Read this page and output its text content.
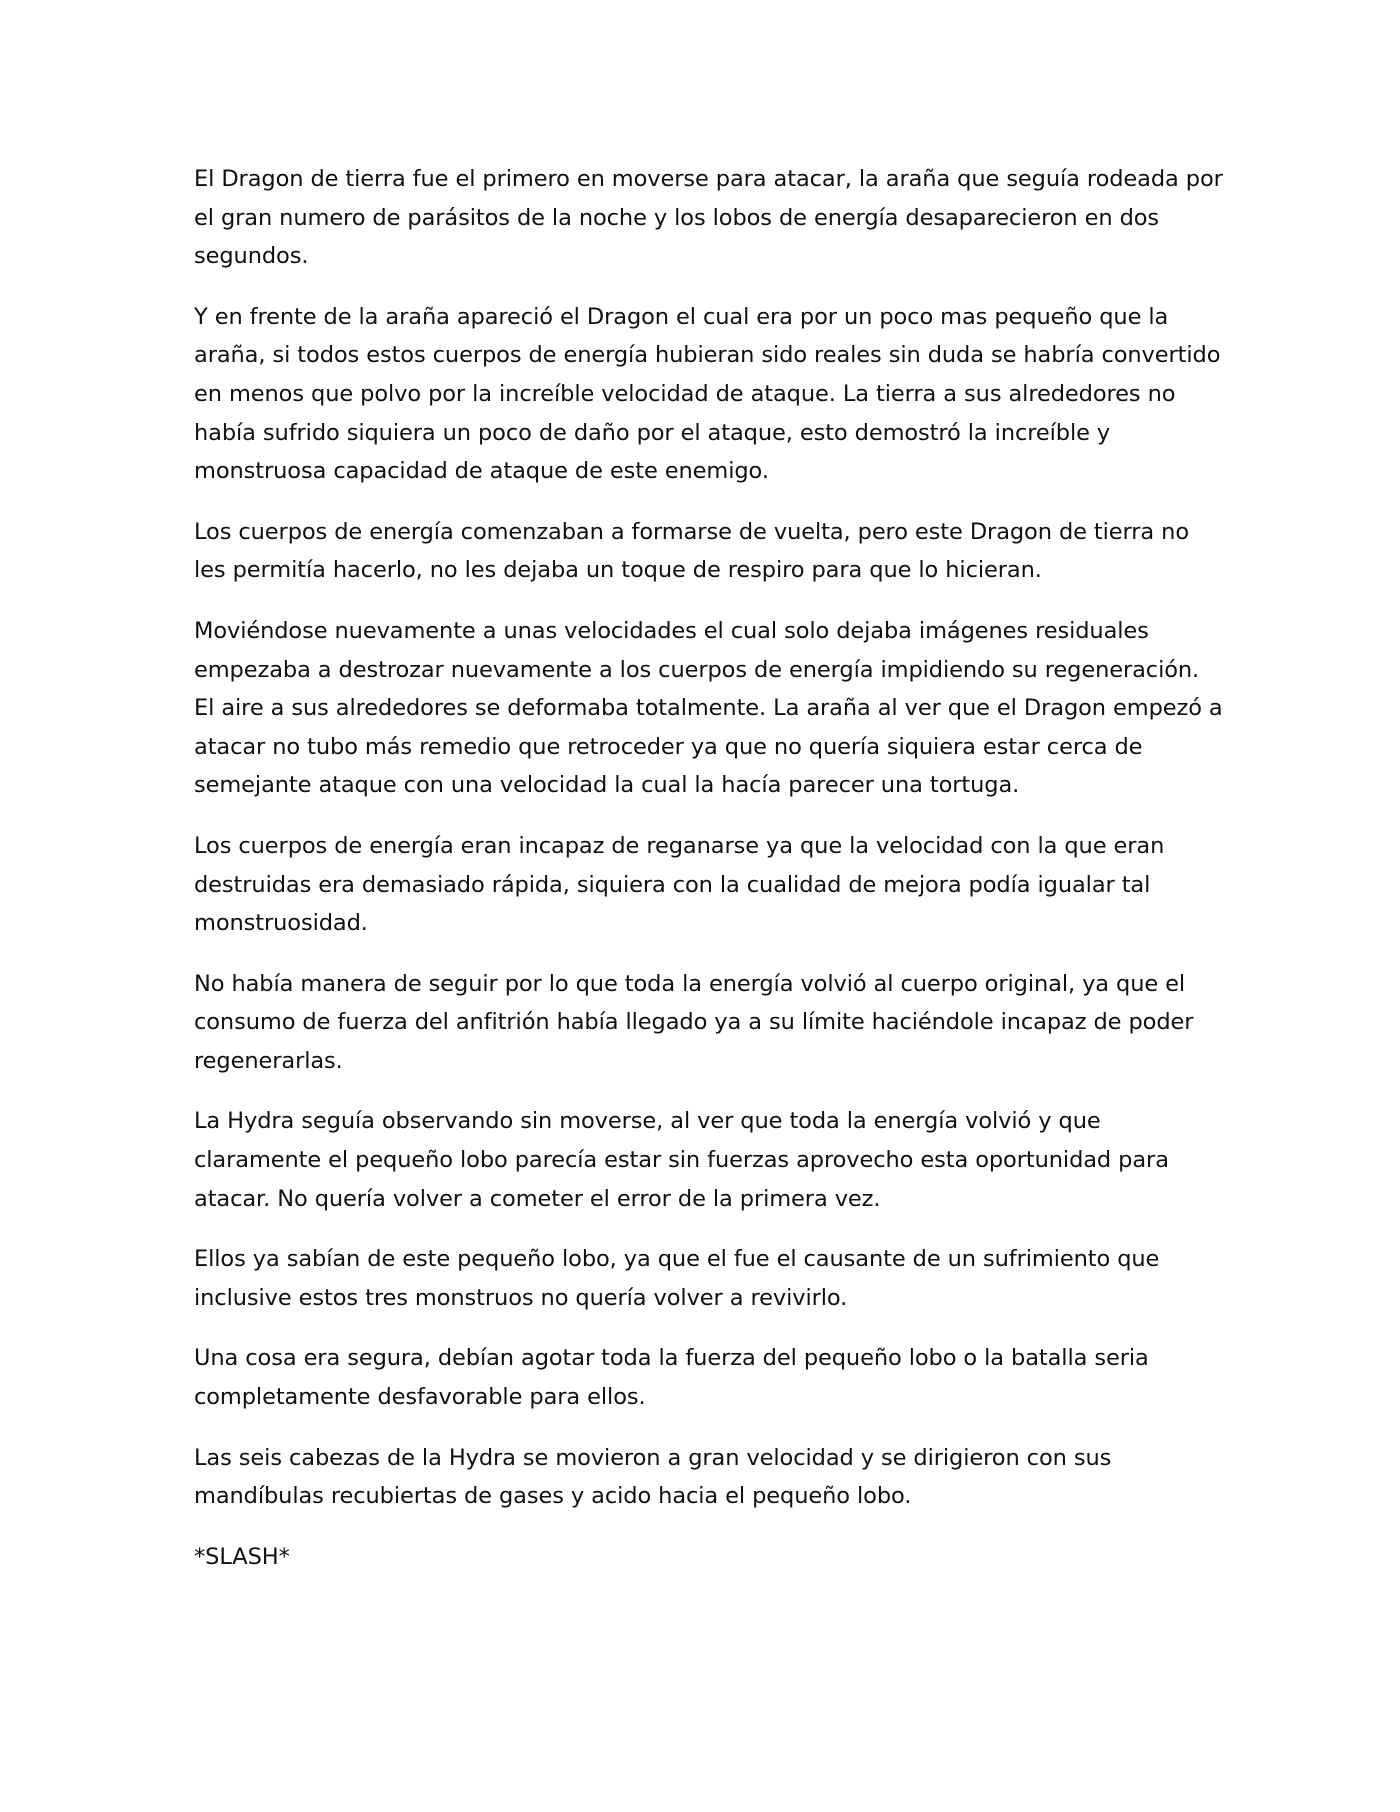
El Dragon de tierra fue el primero en moverse para atacar, la araña que seguía rodeada por el gran numero de parásitos de la noche y los lobos de energía desaparecieron en dos segundos.

Y en frente de la araña apareció el Dragon el cual era por un poco mas pequeño que la araña, si todos estos cuerpos de energía hubieran sido reales sin duda se habría convertido en menos que polvo por la increíble velocidad de ataque. La tierra a sus alrededores no había sufrido siquiera un poco de daño por el ataque, esto demostró la increíble y monstruosa capacidad de ataque de este enemigo.

Los cuerpos de energía comenzaban a formarse de vuelta, pero este Dragon de tierra no les permitía hacerlo, no les dejaba un toque de respiro para que lo hicieran.

Moviéndose nuevamente a unas velocidades el cual solo dejaba imágenes residuales empezaba a destrozar nuevamente a los cuerpos de energía impidiendo su regeneración. El aire a sus alrededores se deformaba totalmente. La araña al ver que el Dragon empezó a atacar no tubo más remedio que retroceder ya que no quería siquiera estar cerca de semejante ataque con una velocidad la cual la hacía parecer una tortuga.

Los cuerpos de energía eran incapaz de reganarse ya que la velocidad con la que eran destruidas era demasiado rápida, siquiera con la cualidad de mejora podía igualar tal monstruosidad.

No había manera de seguir por lo que toda la energía volvió al cuerpo original, ya que el consumo de fuerza del anfitrión había llegado ya a su límite haciéndole incapaz de poder regenerarlas.

La Hydra seguía observando sin moverse, al ver que toda la energía volvió y que claramente el pequeño lobo parecía estar sin fuerzas aprovecho esta oportunidad para atacar. No quería volver a cometer el error de la primera vez.

Ellos ya sabían de este pequeño lobo, ya que el fue el causante de un sufrimiento que inclusive estos tres monstruos no quería volver a revivirlo.

Una cosa era segura, debían agotar toda la fuerza del pequeño lobo o la batalla seria completamente desfavorable para ellos.

Las seis cabezas de la Hydra se movieron a gran velocidad y se dirigieron con sus mandíbulas recubiertas de gases y acido hacia el pequeño lobo.

*SLASH*
